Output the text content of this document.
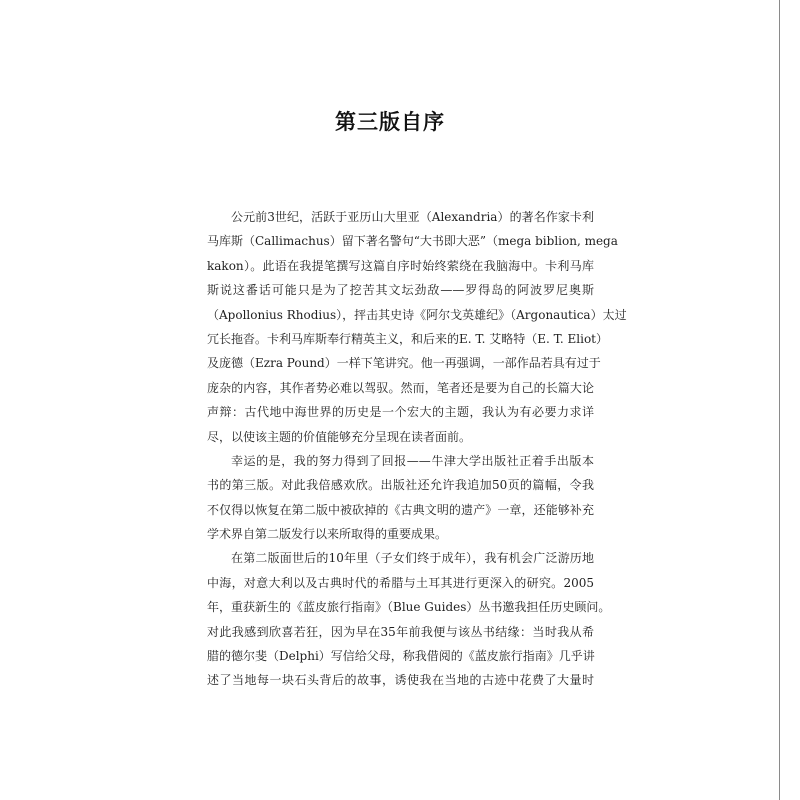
第三版自序
公元前3世纪，活跃于亚历山大里亚（Alexandria）的著名作家卡利
马库斯（Callimachus）留下著名警句“大书即大恶”（mega biblion, mega
kakon）。此语在我提笔撰写这篇自序时始终萦绕在我脑海中。卡利马库
斯说这番话可能只是为了挖苦其文坛劲敌——罗得岛的阿波罗尼奥斯
（Apollonius Rhodius），抨击其史诗《阿尔戈英雄纪》（Argonautica）太过
冗长拖沓。卡利马库斯奉行精英主义，和后来的E. T. 艾略特（E. T. Eliot）
及庞德（Ezra Pound）一样下笔讲究。他一再强调，一部作品若具有过于
庞杂的内容，其作者势必难以驾驭。然而，笔者还是要为自己的长篇大论
声辩：古代地中海世界的历史是一个宏大的主题，我认为有必要力求详
尽，以使该主题的价值能够充分呈现在读者面前。
幸运的是，我的努力得到了回报——牛津大学出版社正着手出版本
书的第三版。对此我倍感欢欣。出版社还允许我追加50页的篇幅，令我
不仅得以恢复在第二版中被砍掉的《古典文明的遗产》一章，还能够补充
学术界自第二版发行以来所取得的重要成果。
在第二版面世后的10年里（子女们终于成年），我有机会广泛游历地
中海，对意大利以及古典时代的希腊与土耳其进行更深入的研究。2005
年，重获新生的《蓝皮旅行指南》（Blue Guides）丛书邀我担任历史顾问。
对此我感到欣喜若狂，因为早在35年前我便与该丛书结缘：当时我从希
腊的德尔斐（Delphi）写信给父母，称我借阅的《蓝皮旅行指南》几乎讲
述了当地每一块石头背后的故事，诱使我在当地的古迹中花费了大量时
